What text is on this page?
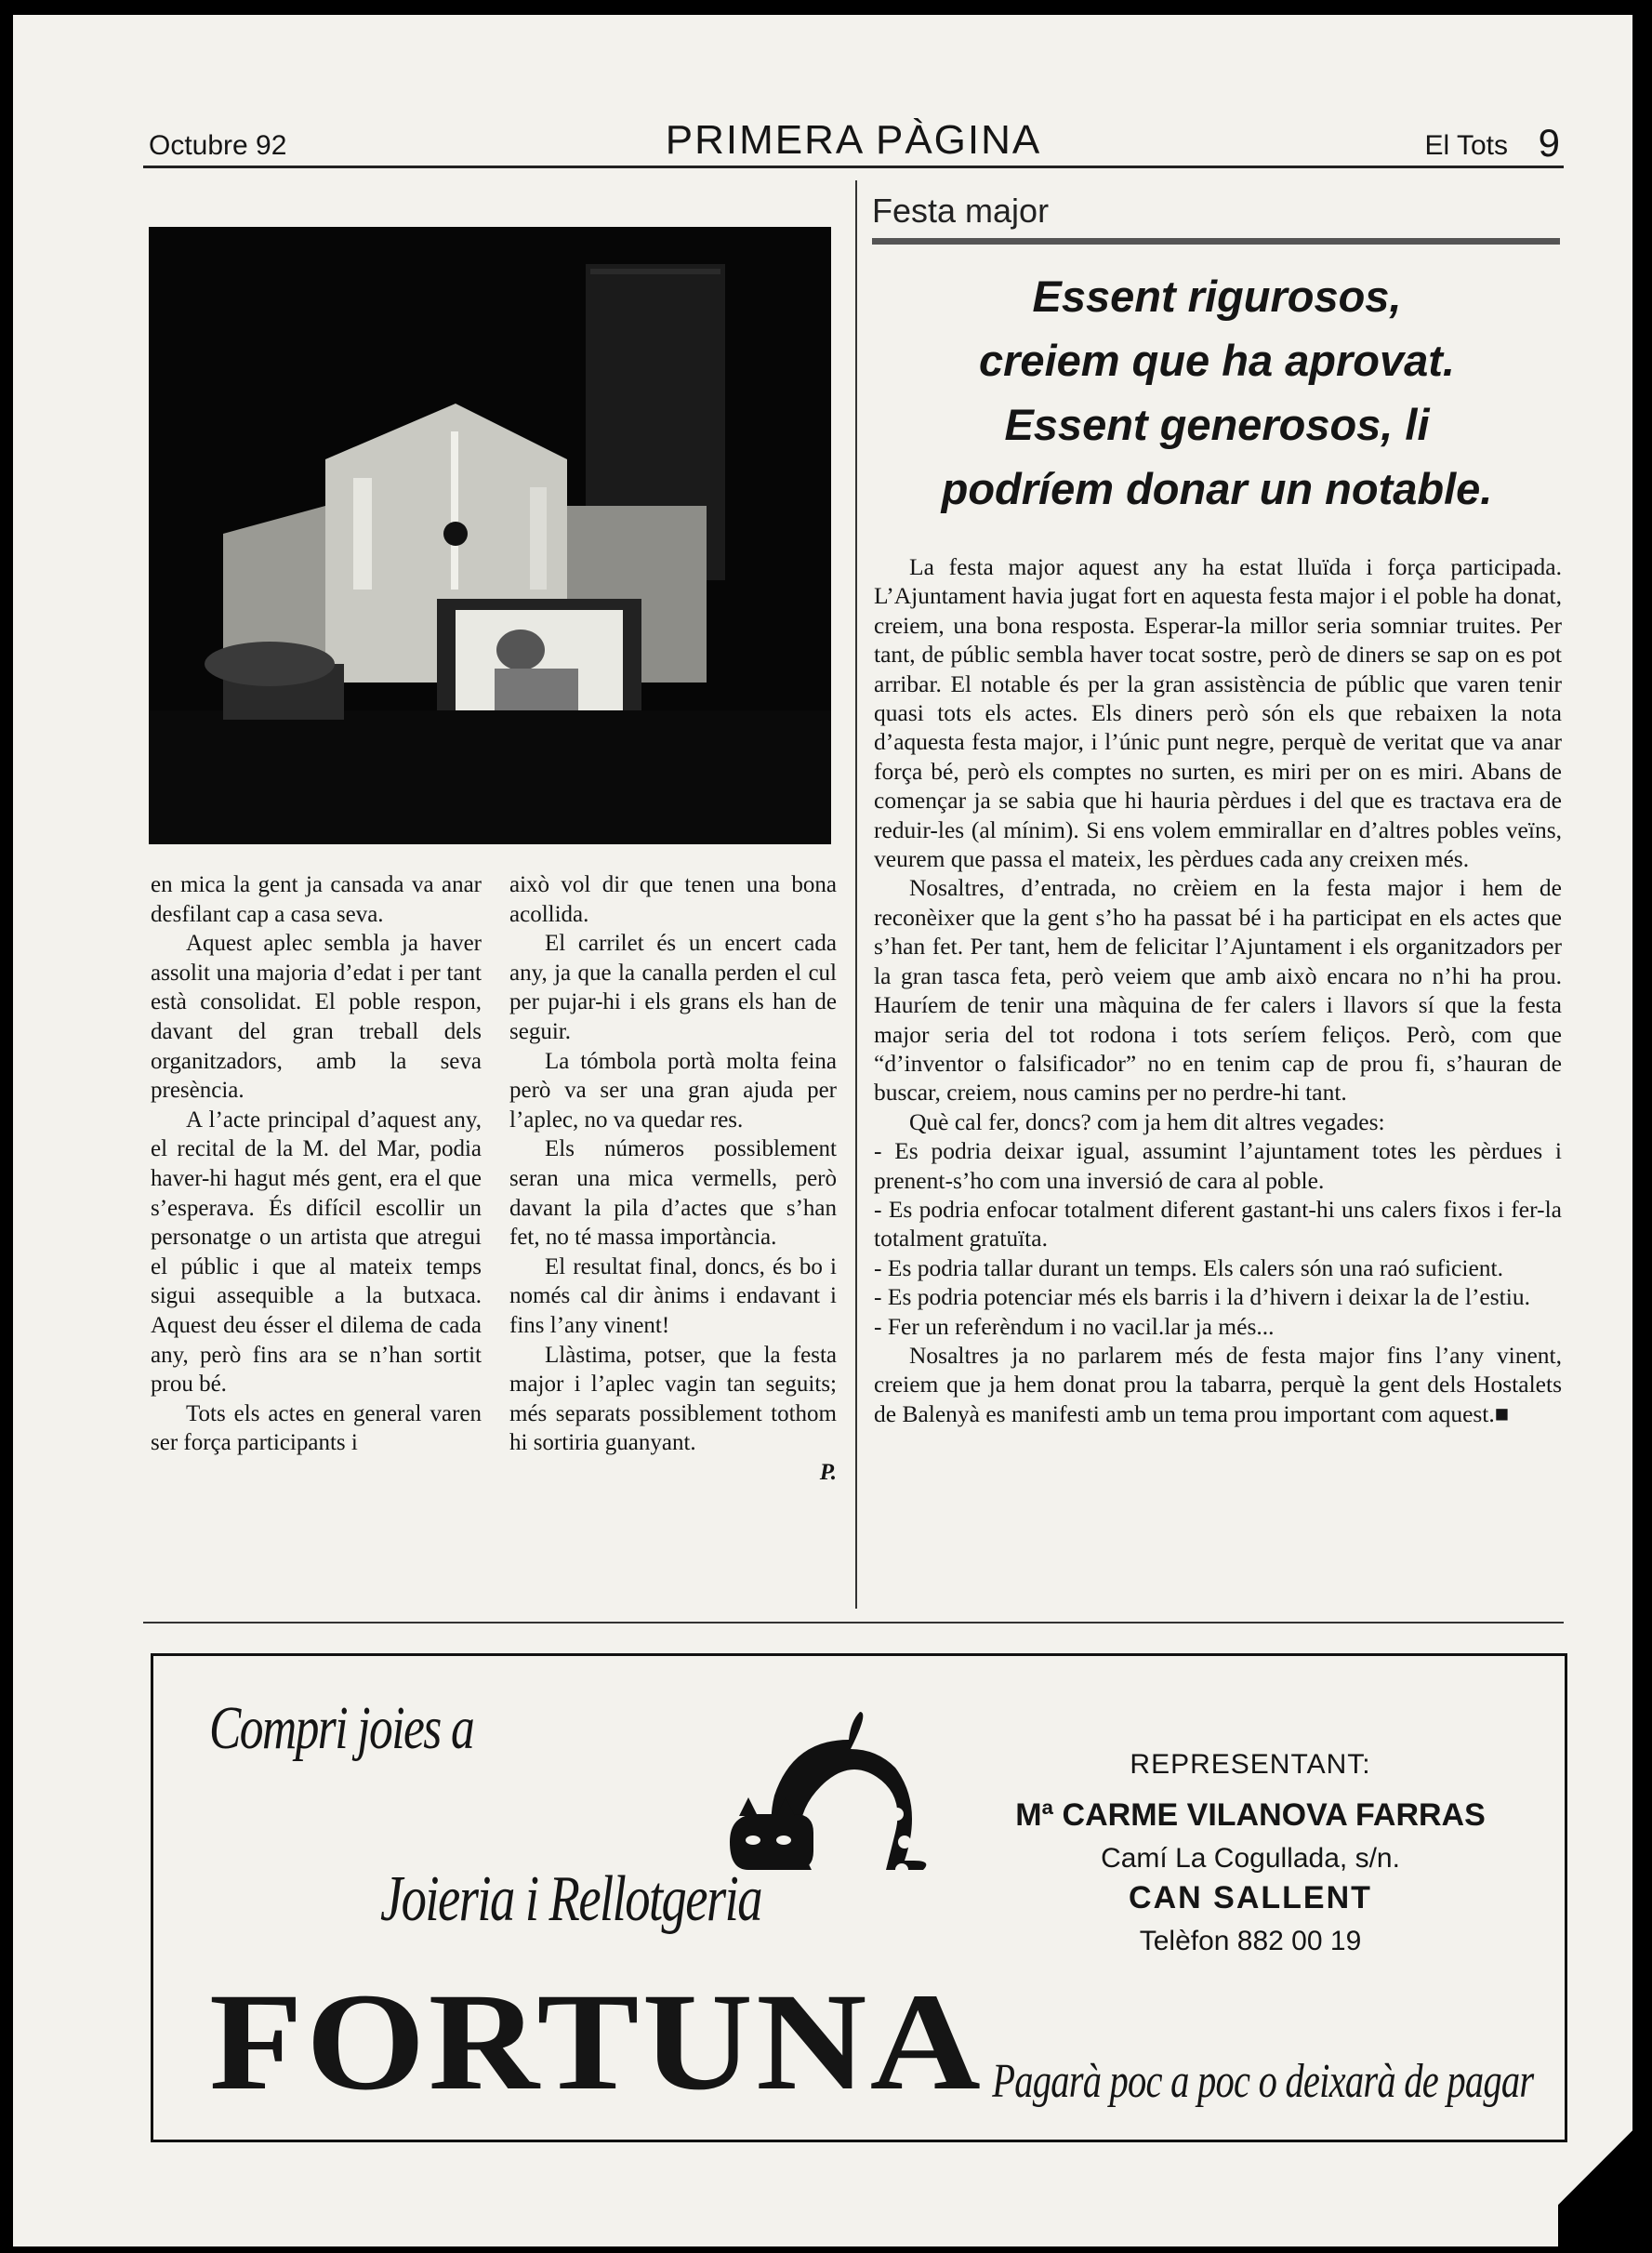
Octubre 92	PRIMERA PÀGINA	El Tots 9

en mica la gent ja cansada va anar desfilant cap a casa seva.

Aquest aplec sembla ja haver assolit una majoria d’edat i per tant està consolidat. El poble respon, davant del gran treball dels organitzadors, amb la seva presència.

A l’acte principal d’aquest any, el recital de la M. del Mar, podia haver-hi hagut més gent, era el que s’esperava. És difícil escollir un personatge o un artista que atregui el públic i que al mateix temps sigui assequible a la butxaca. Aquest deu ésser el dilema de cada any, però fins ara se n’han sortit prou bé.

Tots els actes en general varen ser força participants i

això vol dir que tenen una bona acollida.

El carrilet és un encert cada any, ja que la canalla perden el cul per pujar-hi i els grans els han de seguir.

La tómbola portà molta feina però va ser una gran ajuda per l’aplec, no va quedar res.

Els números possiblement seran una mica vermells, però davant la pila d’actes que s’han fet, no té massa importància.

El resultat final, doncs, és bo i només cal dir ànims i endavant i fins l’any vinent!

Llàstima, potser, que la festa major i l’aplec vagin tan seguits; més separats possiblement tothom hi sortiria guanyant.

P.

Festa major
Essent rigurosos,
creiem que ha aprovat.
Essent generosos, li
podríem donar un notable.

La festa major aquest any ha estat lluïda i força participada. L’Ajuntament havia jugat fort en aquesta festa major i el poble ha donat, creiem, una bona resposta. Esperar-la millor seria somniar truites. Per tant, de públic sembla haver tocat sostre, però de diners se sap on es pot arribar. El notable és per la gran assistència de públic que varen tenir quasi tots els actes. Els diners però són els que rebaixen la nota d’aquesta festa major, i l’únic punt negre, perquè de veritat que va anar força bé, però els comptes no surten, es miri per on es miri. Abans de començar ja se sabia que hi hauria pèrdues i del que es tractava era de reduir-les (al mínim). Si ens volem emmirallar en d’altres pobles veïns, veurem que passa el mateix, les pèrdues cada any creixen més.

Nosaltres, d’entrada, no crèiem en la festa major i hem de reconèixer que la gent s’ho ha passat bé i ha participat en els actes que s’han fet. Per tant, hem de felicitar l’Ajuntament i els organitzadors per la gran tasca feta, però veiem que amb això encara no n’hi ha prou. Hauríem de tenir una màquina de fer calers i llavors sí que la festa major seria del tot rodona i tots seríem feliços. Però, com que “d’inventor o falsificador” no en tenim cap de prou fi, s’hauran de buscar, creiem, nous camins per no perdre-hi tant.

Què cal fer, doncs? com ja hem dit altres vegades:

- Es podria deixar igual, assumint l’ajuntament totes les pèrdues i prenent-s’ho com una inversió de cara al poble.

- Es podria enfocar totalment diferent gastant-hi uns calers fixos i fer-la totalment gratuïta.

- Es podria tallar durant un temps. Els calers són una raó suficient.

- Es podria potenciar més els barris i la d’hivern i deixar la de l’estiu.

- Fer un referèndum i no vacil.lar ja més...

Nosaltres ja no parlarem més de festa major fins l’any vinent, creiem que ja hem donat prou la tabarra, perquè la gent dels Hostalets de Balenyà es manifesti amb un tema prou important com aquest.■

Compri joies a
Joieria i Rellotgeria
FORTUNA Pagarà poc a poc o deixarà de pagar
REPRESENTANT:
Mª CARME VILANOVA FARRAS
Camí La Cogullada, s/n.
CAN SALLENT
Telèfon 882 00 19
